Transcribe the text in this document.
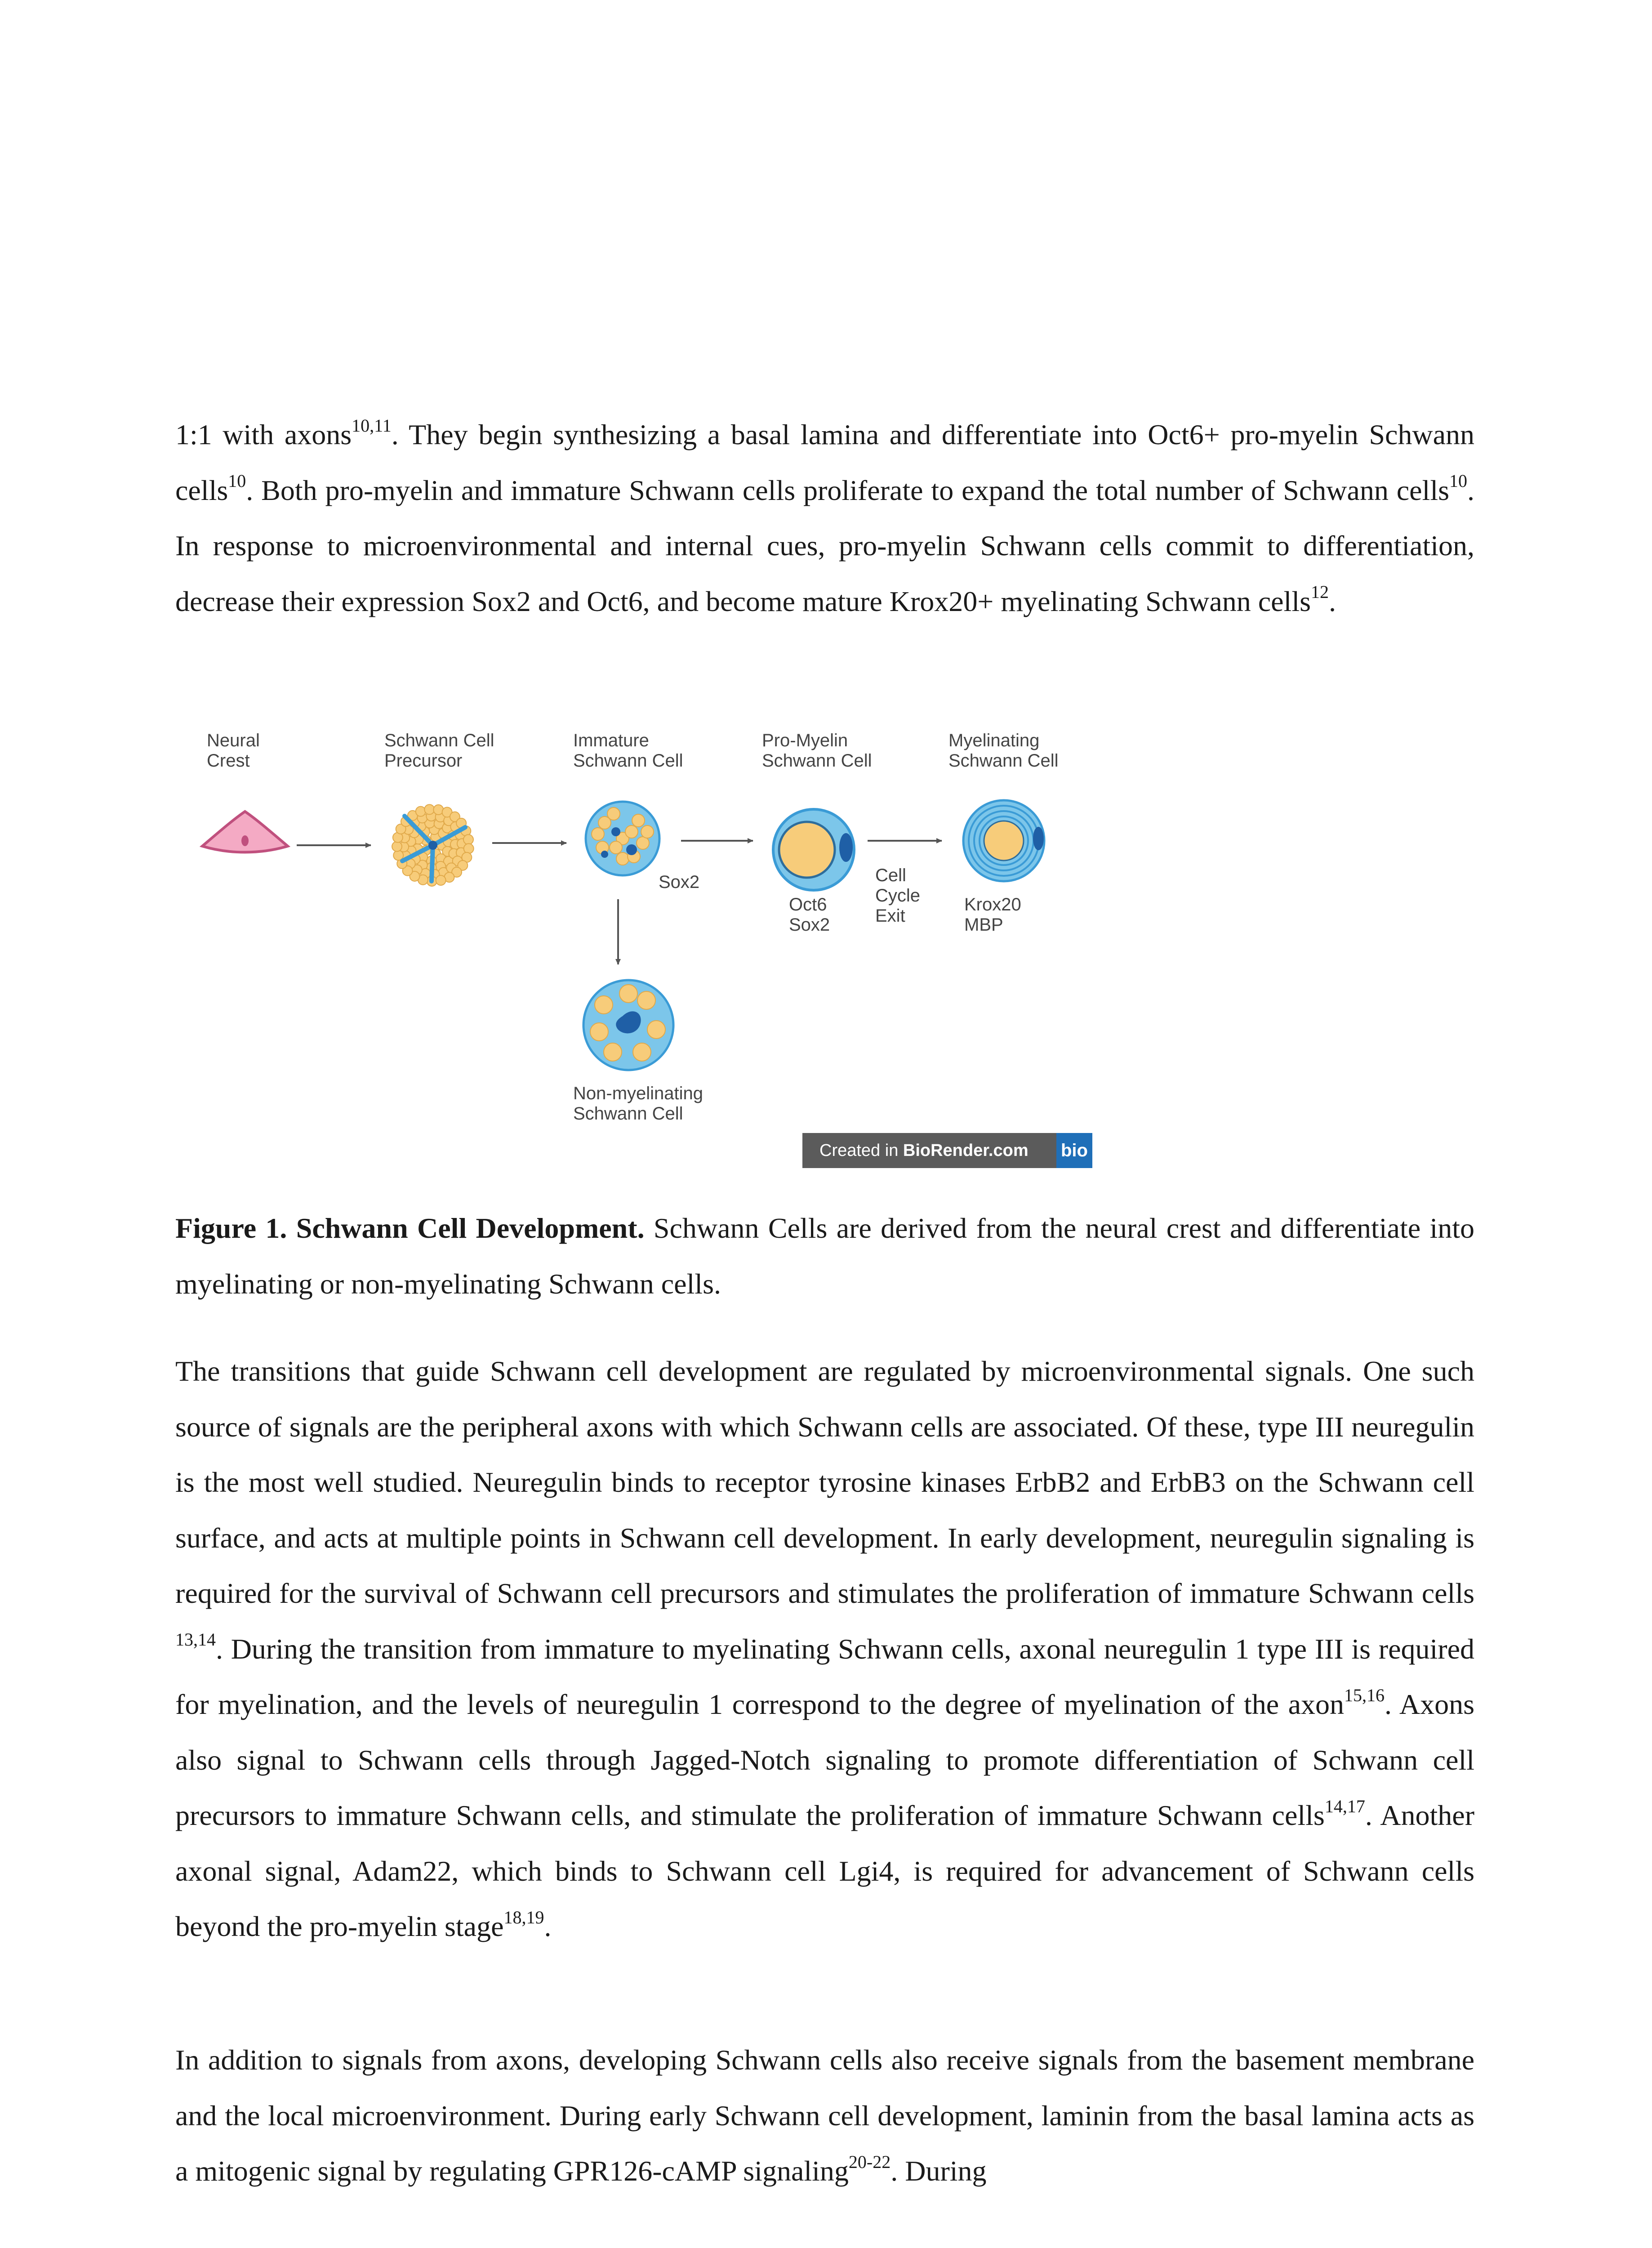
1:1 with axons$^{10,11}$. They begin synthesizing a basal lamina and differentiate into Oct6+ pro-myelin Schwann cells$^{10}$. Both pro-myelin and immature Schwann cells proliferate to expand the total number of Schwann cells$^{10}$. In response to microenvironmental and internal cues, pro-myelin Schwann cells commit to differentiation, decrease their expression Sox2 and Oct6, and become mature Krox20+ myelinating Schwann cells$^{12}$.

Neural
Crest
Schwann Cell
Precursor
Immature
Schwann Cell
Pro-Myelin
Schwann Cell
Myelinating
Schwann Cell
Sox2
Oct6
Sox2
Cell
Cycle
Exit
Krox20
MBP
Non-myelinating
Schwann Cell
Created in BioRender.com	bio

Figure 1. Schwann Cell Development. Schwann Cells are derived from the neural crest and differentiate into myelinating or non-myelinating Schwann cells.

The transitions that guide Schwann cell development are regulated by microenvironmental signals. One such source of signals are the peripheral axons with which Schwann cells are associated. Of these, type III neuregulin is the most well studied. Neuregulin binds to receptor tyrosine kinases ErbB2 and ErbB3 on the Schwann cell surface, and acts at multiple points in Schwann cell development. In early development, neuregulin signaling is required for the survival of Schwann cell precursors and stimulates the proliferation of immature Schwann cells $^{13,14}$. During the transition from immature to myelinating Schwann cells, axonal neuregulin 1 type III is required for myelination, and the levels of neuregulin 1 correspond to the degree of myelination of the axon$^{15,16}$. Axons also signal to Schwann cells through Jagged-Notch signaling to promote differentiation of Schwann cell precursors to immature Schwann cells, and stimulate the proliferation of immature Schwann cells$^{14,17}$. Another axonal signal, Adam22, which binds to Schwann cell Lgi4, is required for advancement of Schwann cells beyond the pro-myelin stage$^{18,19}$.

In addition to signals from axons, developing Schwann cells also receive signals from the basement membrane and the local microenvironment. During early Schwann cell development, laminin from the basal lamina acts as a mitogenic signal by regulating GPR126-cAMP signaling$^{20-22}$. During
